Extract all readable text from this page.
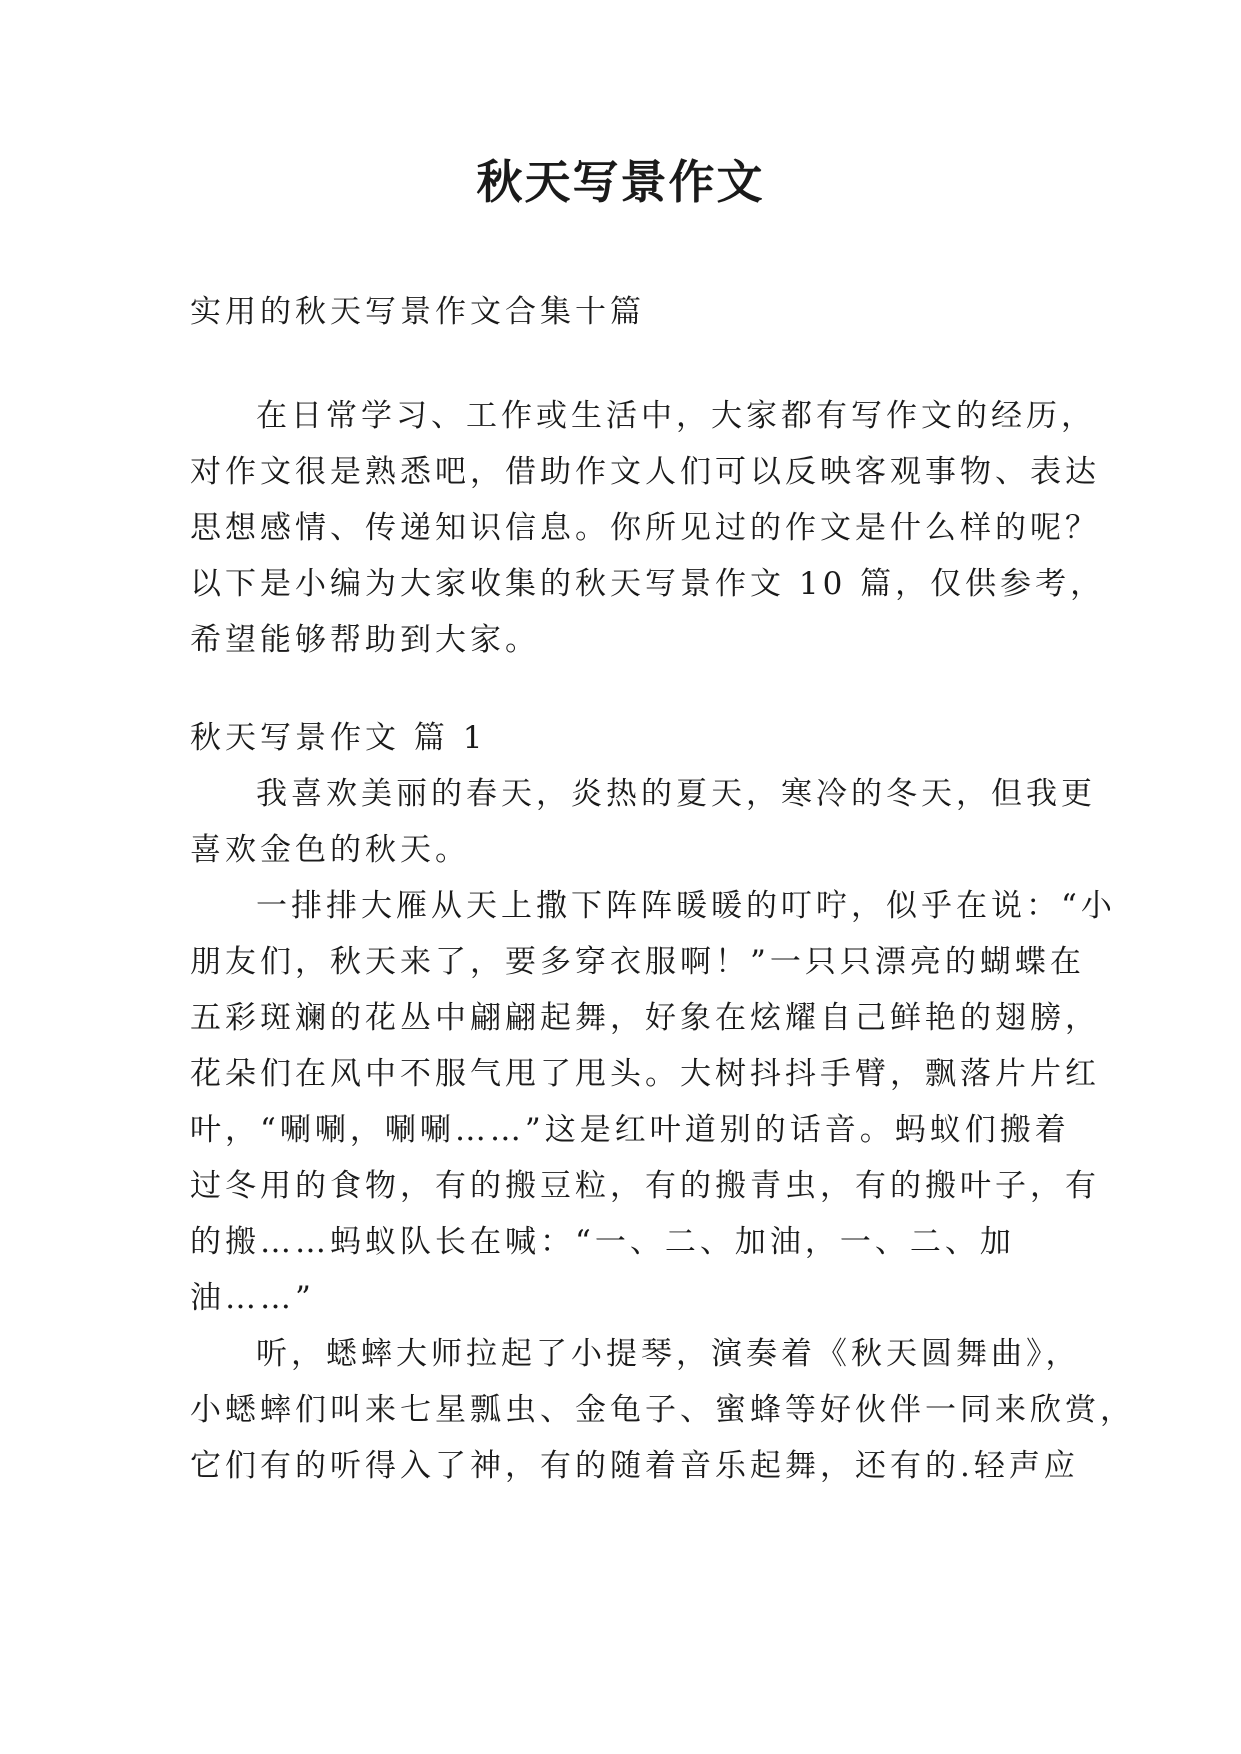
秋天写景作文
实用的秋天写景作文合集十篇
在日常学习、工作或生活中，大家都有写作文的经历，
对作文很是熟悉吧，借助作文人们可以反映客观事物、表达
思想感情、传递知识信息。你所见过的作文是什么样的呢？
以下是小编为大家收集的秋天写景作文 10 篇，仅供参考，
希望能够帮助到大家。
秋天写景作文 篇 1
我喜欢美丽的春天，炎热的夏天，寒冷的冬天，但我更
喜欢金色的秋天。
一排排大雁从天上撒下阵阵暖暖的叮咛，似乎在说：“小
朋友们，秋天来了，要多穿衣服啊！”一只只漂亮的蝴蝶在
五彩斑斓的花丛中翩翩起舞，好象在炫耀自己鲜艳的翅膀，
花朵们在风中不服气甩了甩头。大树抖抖手臂，飘落片片红
叶，“唰唰，唰唰……”这是红叶道别的话音。蚂蚁们搬着
过冬用的食物，有的搬豆粒，有的搬青虫，有的搬叶子，有
的搬……蚂蚁队长在喊：“一、二、加油，一、二、加
油……”
听，蟋蟀大师拉起了小提琴，演奏着《秋天圆舞曲》，
小蟋蟀们叫来七星瓢虫、金龟子、蜜蜂等好伙伴一同来欣赏，
它们有的听得入了神，有的随着音乐起舞，还有的.轻声应
